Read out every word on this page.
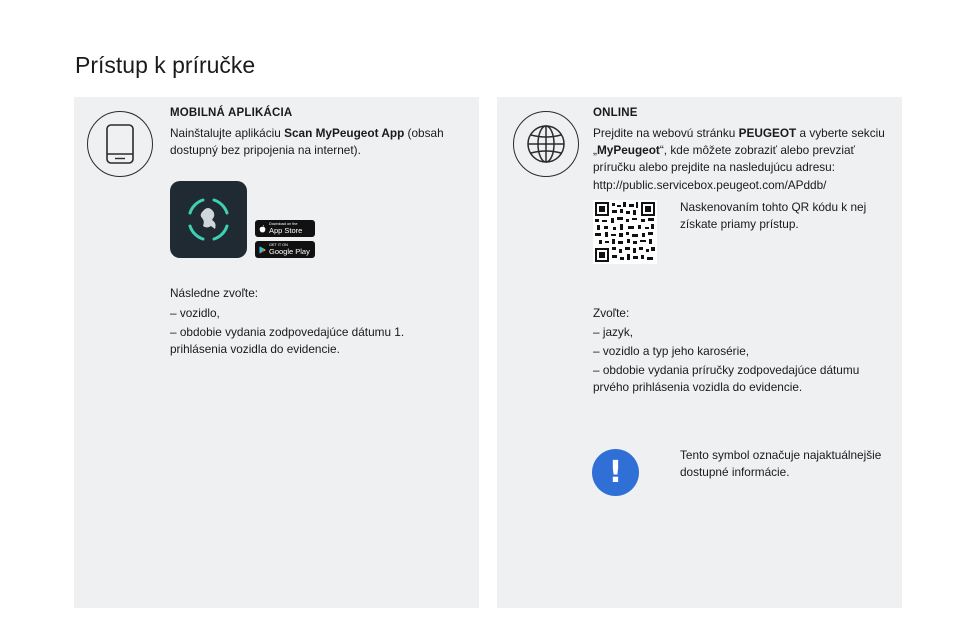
Prístup k príručke
MOBILNÁ APLIKÁCIA
Nainštalujte aplikáciu Scan MyPeugeot App (obsah dostupný bez pripojenia na internet).
Download on the
App Store
GET IT ON
Google Play
Následne zvoľte:
– vozidlo,
– obdobie vydania zodpovedajúce dátumu 1. prihlásenia vozidla do evidencie.
ONLINE
Prejdite na webovú stránku PEUGEOT a vyberte sekciu „MyPeugeot“, kde môžete zobraziť alebo prevziať príručku alebo prejdite na nasledujúcu adresu:
http://public.servicebox.peugeot.com/APddb/
Naskenovaním tohto QR kódu k nej získate priamy prístup.
Zvoľte:
– jazyk,
– vozidlo a typ jeho karosérie,
– obdobie vydania príručky zodpovedajúce dátumu prvého prihlásenia vozidla do evidencie.
!	Tento symbol označuje najaktuálnejšie dostupné informácie.
